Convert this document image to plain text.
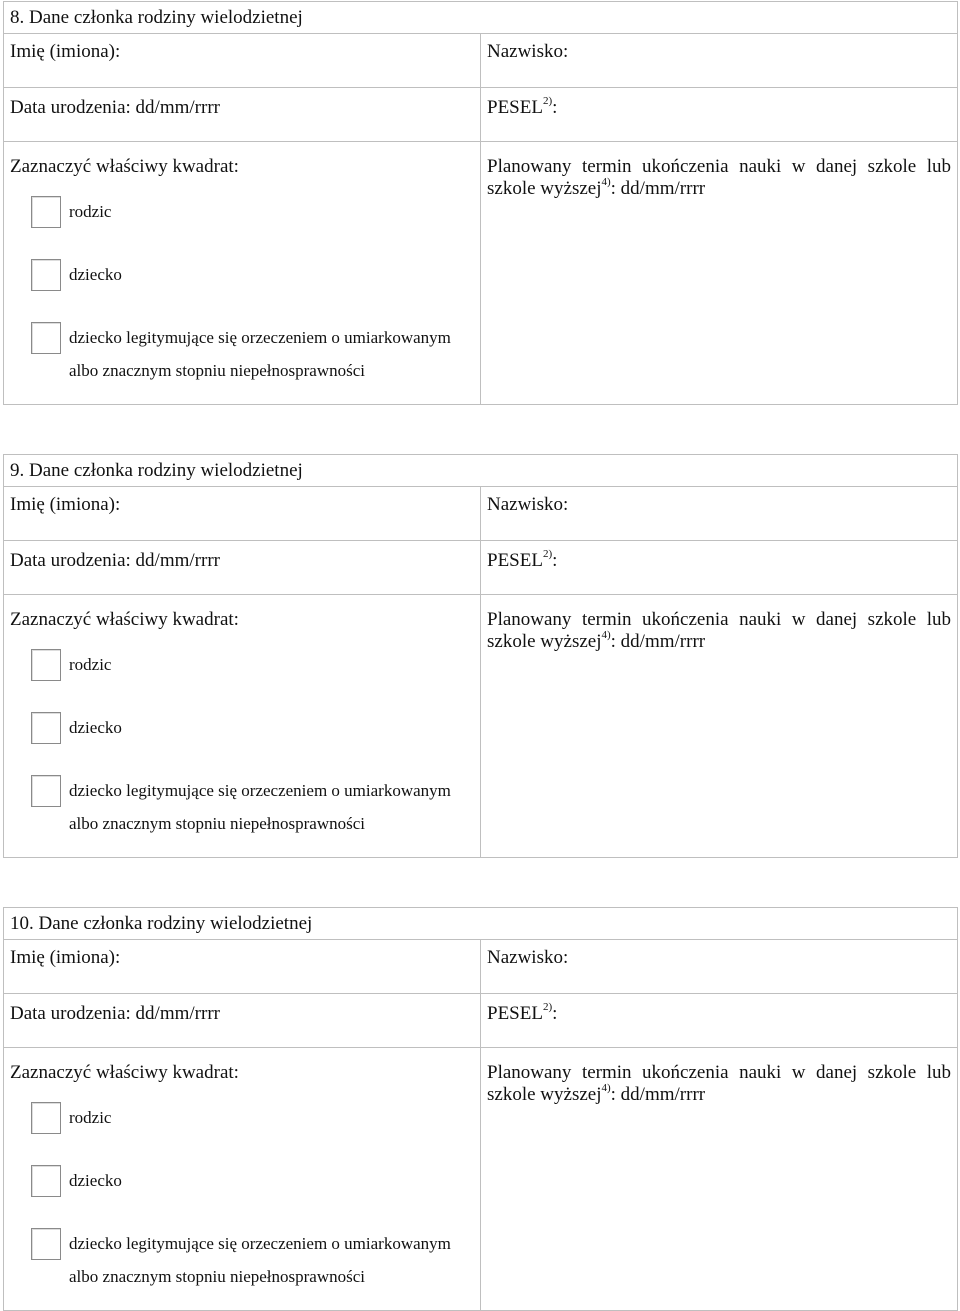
8. Dane członka rodziny wielodzietnej
Imię (imiona):	Nazwisko:
Data urodzenia: dd/mm/rrrr	PESEL$^{2)}$:
Zaznaczyć właściwy kwadrat:
rodzic
dziecko
dziecko legitymujące się orzeczeniem o umiarkowanym
albo znacznym stopniu niepełnosprawności
Planowany termin ukończenia nauki w danej szkole lub szkole wyższej$^{4)}$: dd/mm/rrrr
9. Dane członka rodziny wielodzietnej
Imię (imiona):	Nazwisko:
Data urodzenia: dd/mm/rrrr	PESEL$^{2)}$:
Zaznaczyć właściwy kwadrat:
rodzic
dziecko
dziecko legitymujące się orzeczeniem o umiarkowanym
albo znacznym stopniu niepełnosprawności
Planowany termin ukończenia nauki w danej szkole lub szkole wyższej$^{4)}$: dd/mm/rrrr
10. Dane członka rodziny wielodzietnej
Imię (imiona):	Nazwisko:
Data urodzenia: dd/mm/rrrr	PESEL$^{2)}$:
Zaznaczyć właściwy kwadrat:
rodzic
dziecko
dziecko legitymujące się orzeczeniem o umiarkowanym
albo znacznym stopniu niepełnosprawności
Planowany termin ukończenia nauki w danej szkole lub szkole wyższej$^{4)}$: dd/mm/rrrr
